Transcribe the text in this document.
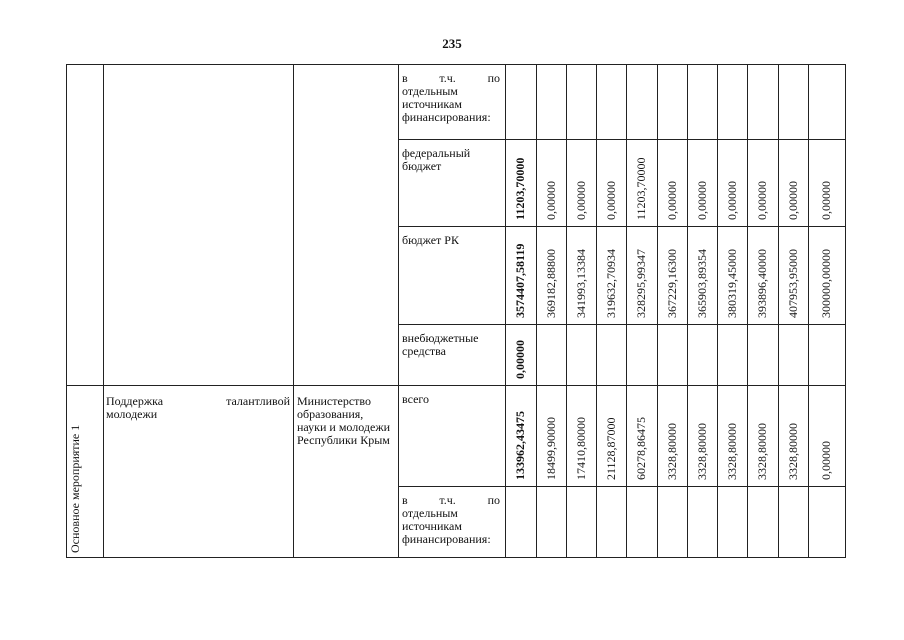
235
Основное мероприятие 1
Поддержка талантливой
молодежи
Министерство
образования,
науки и молодежи
Республики Крым
в т.ч. по
отдельным
источникам
финансирования:
федеральный
бюджет	11203,70000 0,00000 0,00000 0,00000 11203,70000 0,00000 0,00000 0,00000 0,00000 0,00000 0,00000
бюджет РК
3574407,58119 369182,88800 341993,13384 319632,70934 328295,99347 367229,16300 365903,89354 380319,45000 393896,40000 407953,95000 300000,00000
внебюджетные
средства	0,00000
всего
133962,43475 18499,90000 17410,80000 21128,87000 60278,86475 3328,80000 3328,80000 3328,80000 3328,80000 3328,80000 0,00000
в т.ч. по
отдельным
источникам
финансирования:
